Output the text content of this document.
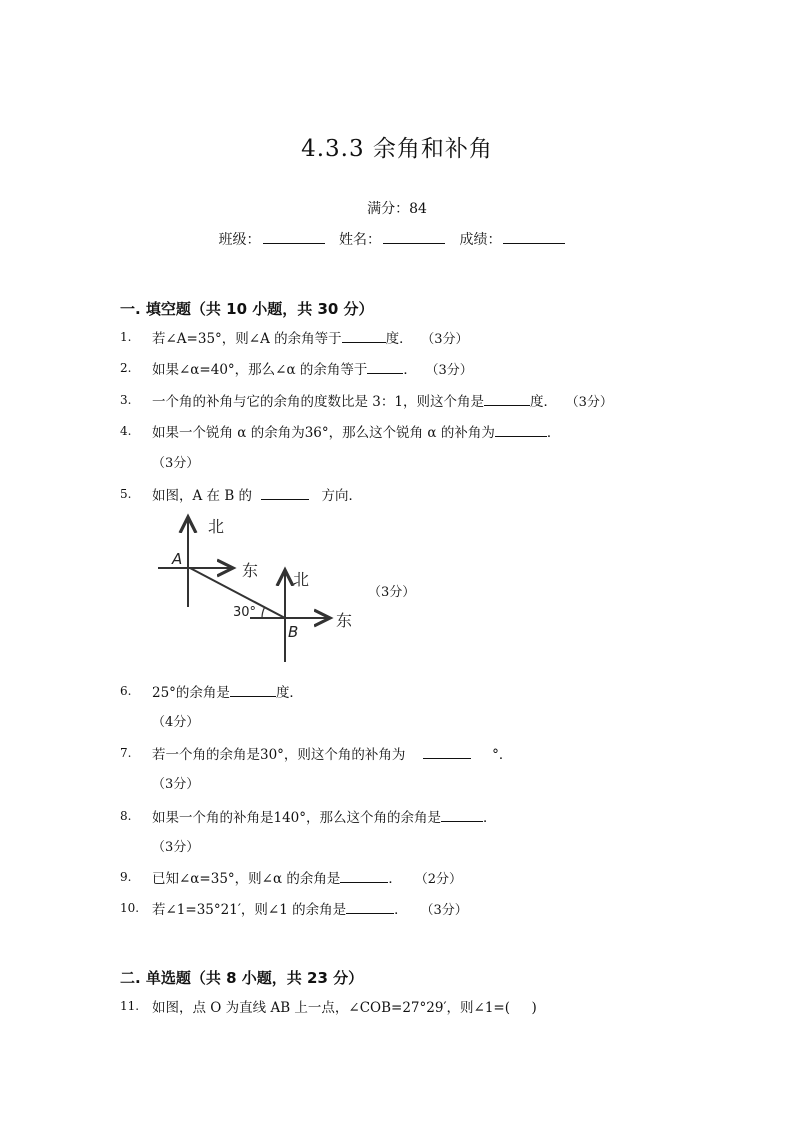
4.3.3 余角和补角
满分：84
班级：	姓名：	成绩：
一. 填空题（共 10 小题，共 30 分）
1.	若∠A=35°，则∠A 的余角等于	度． （3分）
2.	如果∠α=40°，那么∠α 的余角等于	． （3分）
3.	一个角的补角与它的余角的度数比是 3：1，则这个角是	度． （3分）
4.	如果一个锐角 α 的余角为36°，那么这个锐角 α 的补角为	．
（3分）
5.	如图，A 在 B 的	方向．
北
东
A
北
东
B
30°
（3分）
6.	25°的余角是	度．
（4分）
7.	若一个角的余角是30°，则这个角的补角为	°．
（3分）
8.	如果一个角的补角是140°，那么这个角的余角是	．
（3分）
9.	已知∠α=35°，则∠α 的余角是	． （2分）
10. 若∠1=35°21′，则∠1 的余角是	． （3分）
二. 单选题（共 8 小题，共 23 分）
11. 如图，点 O 为直线 AB 上一点，∠COB=27°29′，则∠1=( )
